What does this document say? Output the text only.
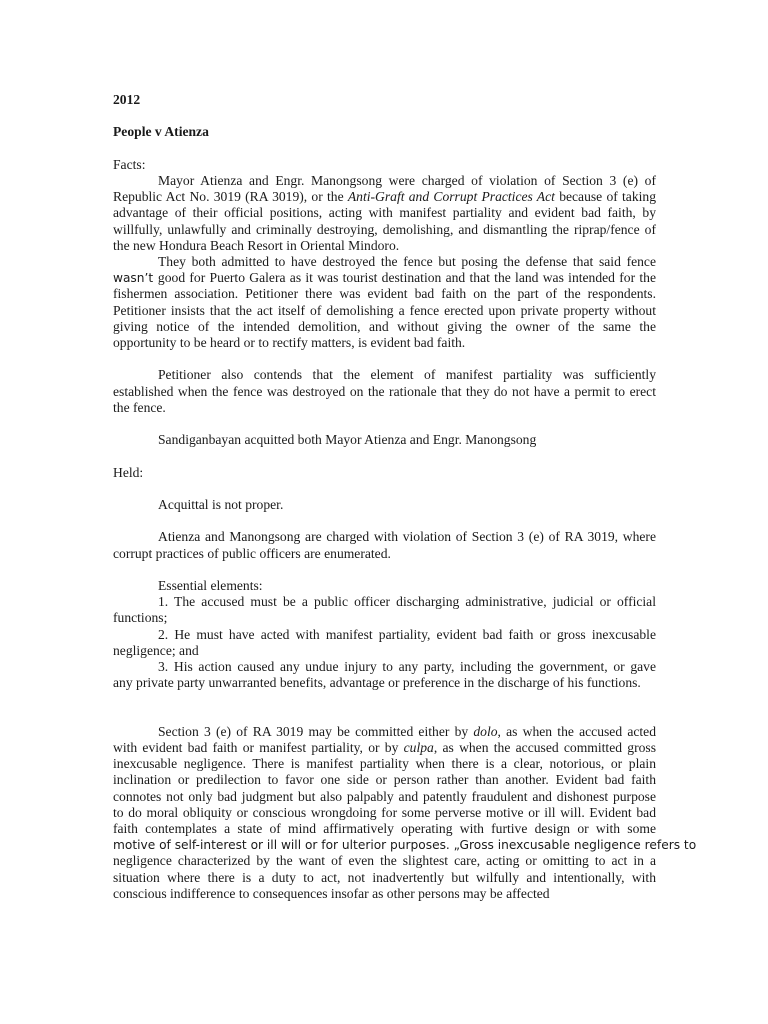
2012
People v Atienza
Facts:
Mayor Atienza and Engr. Manongsong were charged of violation of Section 3 (e) of
Republic Act No. 3019 (RA 3019), or the Anti-Graft and Corrupt Practices Act because of taking
advantage of their official positions, acting with manifest partiality and evident bad faith, by
willfully, unlawfully and criminally destroying, demolishing, and dismantling the riprap/fence of
the new Hondura Beach Resort in Oriental Mindoro.
They both admitted to have destroyed the fence but posing the defense that said fence
wasn’t good for Puerto Galera as it was tourist destination and that the land was intended for the
fishermen association. Petitioner there was evident bad faith on the part of the respondents.
Petitioner insists that the act itself of demolishing a fence erected upon private property without
giving notice of the intended demolition, and without giving the owner of the same the
opportunity to be heard or to rectify matters, is evident bad faith.
Petitioner also contends that the element of manifest partiality was sufficiently
established when the fence was destroyed on the rationale that they do not have a permit to erect
the fence.
Sandiganbayan acquitted both Mayor Atienza and Engr. Manongsong
Held:
Acquittal is not proper.
Atienza and Manongsong are charged with violation of Section 3 (e) of RA 3019, where
corrupt practices of public officers are enumerated.
Essential elements:
1. The accused must be a public officer discharging administrative, judicial or official
functions;
2. He must have acted with manifest partiality, evident bad faith or gross inexcusable
negligence; and
3. His action caused any undue injury to any party, including the government, or gave
any private party unwarranted benefits, advantage or preference in the discharge of his functions.
Section 3 (e) of RA 3019 may be committed either by dolo, as when the accused acted
with evident bad faith or manifest partiality, or by culpa, as when the accused committed gross
inexcusable negligence. There is manifest partiality when there is a clear, notorious, or plain
inclination or predilection to favor one side or person rather than another. Evident bad faith
connotes not only bad judgment but also palpably and patently fraudulent and dishonest purpose
to do moral obliquity or conscious wrongdoing for some perverse motive or ill will. Evident bad
faith contemplates a state of mind affirmatively operating with furtive design or with some
motive of self-interest or ill will or for ulterior purposes. „Gross inexcusable negligence refers to
negligence characterized by the want of even the slightest care, acting or omitting to act in a
situation where there is a duty to act, not inadvertently but wilfully and intentionally, with
conscious indifference to consequences insofar as other persons may be affected
